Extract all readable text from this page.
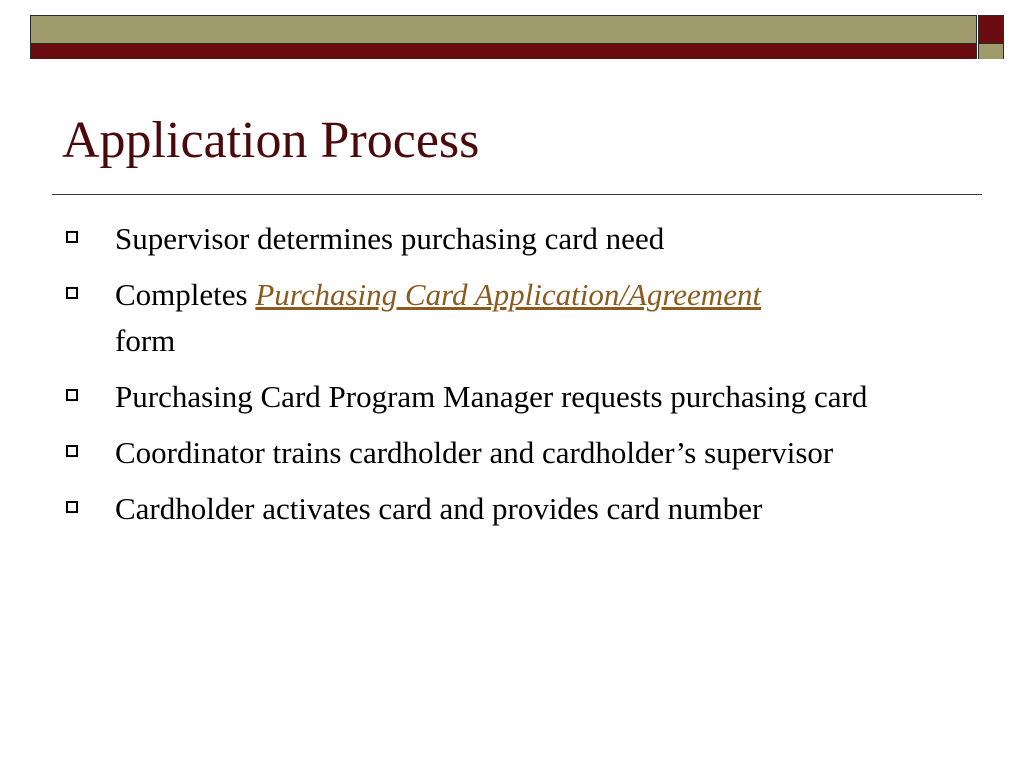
Application Process
Supervisor determines purchasing card need
Completes Purchasing Card Application/Agreement
form
Purchasing Card Program Manager requests purchasing card
Coordinator trains cardholder and cardholder’s supervisor
Cardholder activates card and provides card number
